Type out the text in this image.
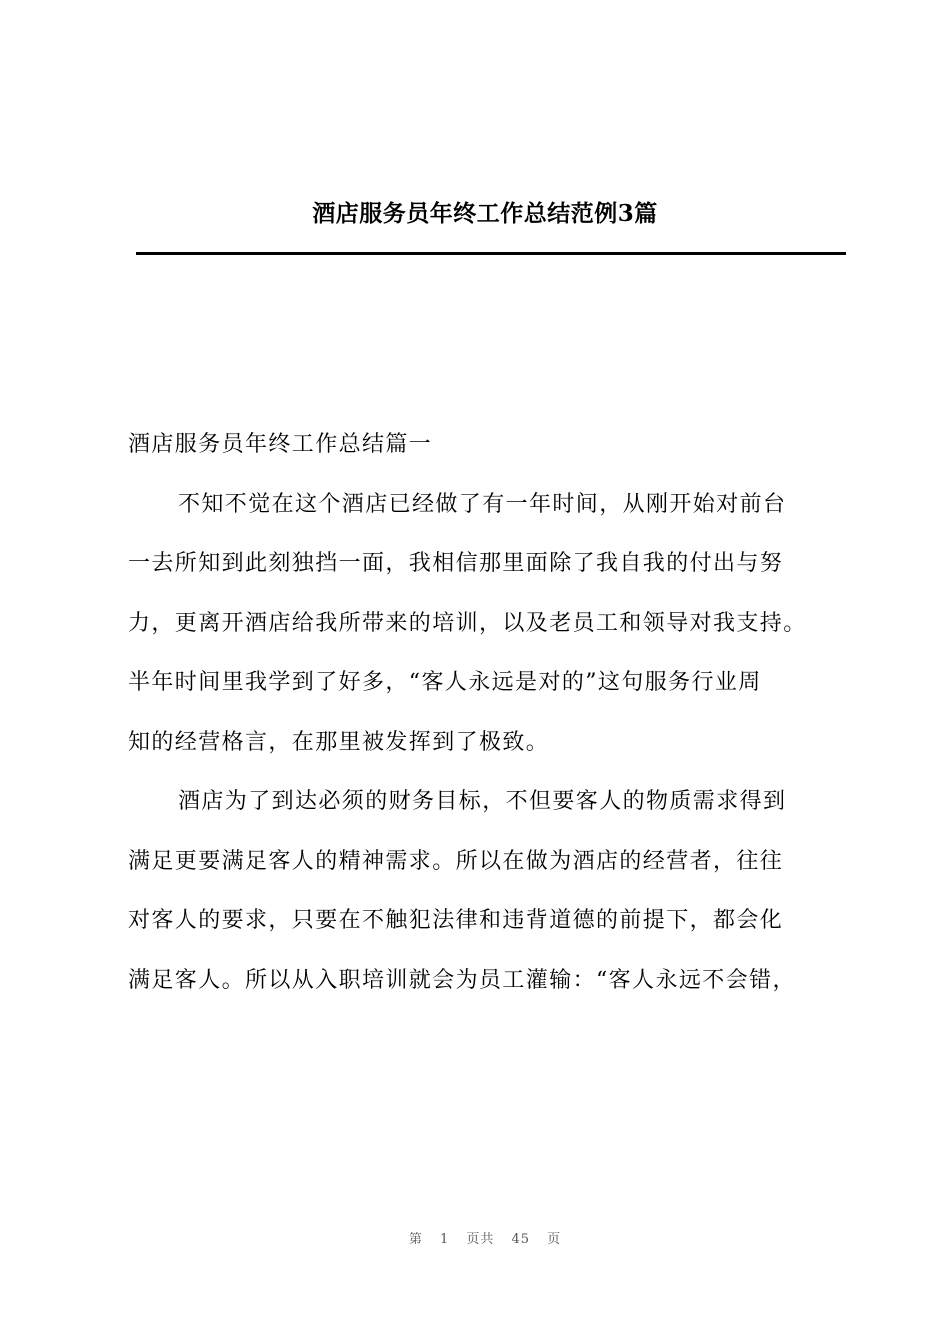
酒店服务员年终工作总结范例3篇
酒店服务员年终工作总结篇一
不知不觉在这个酒店已经做了有一年时间，从刚开始对前台
一去所知到此刻独挡一面，我相信那里面除了我自我的付出与努
力，更离开酒店给我所带来的培训，以及老员工和领导对我支持。
半年时间里我学到了好多，“客人永远是对的”这句服务行业周
知的经营格言，在那里被发挥到了极致。
酒店为了到达必须的财务目标，不但要客人的物质需求得到
满足更要满足客人的精神需求。所以在做为酒店的经营者，往往
对客人的要求，只要在不触犯法律和违背道德的前提下，都会化
满足客人。所以从入职培训就会为员工灌输：“客人永远不会错，
第 1 页共 45 页
